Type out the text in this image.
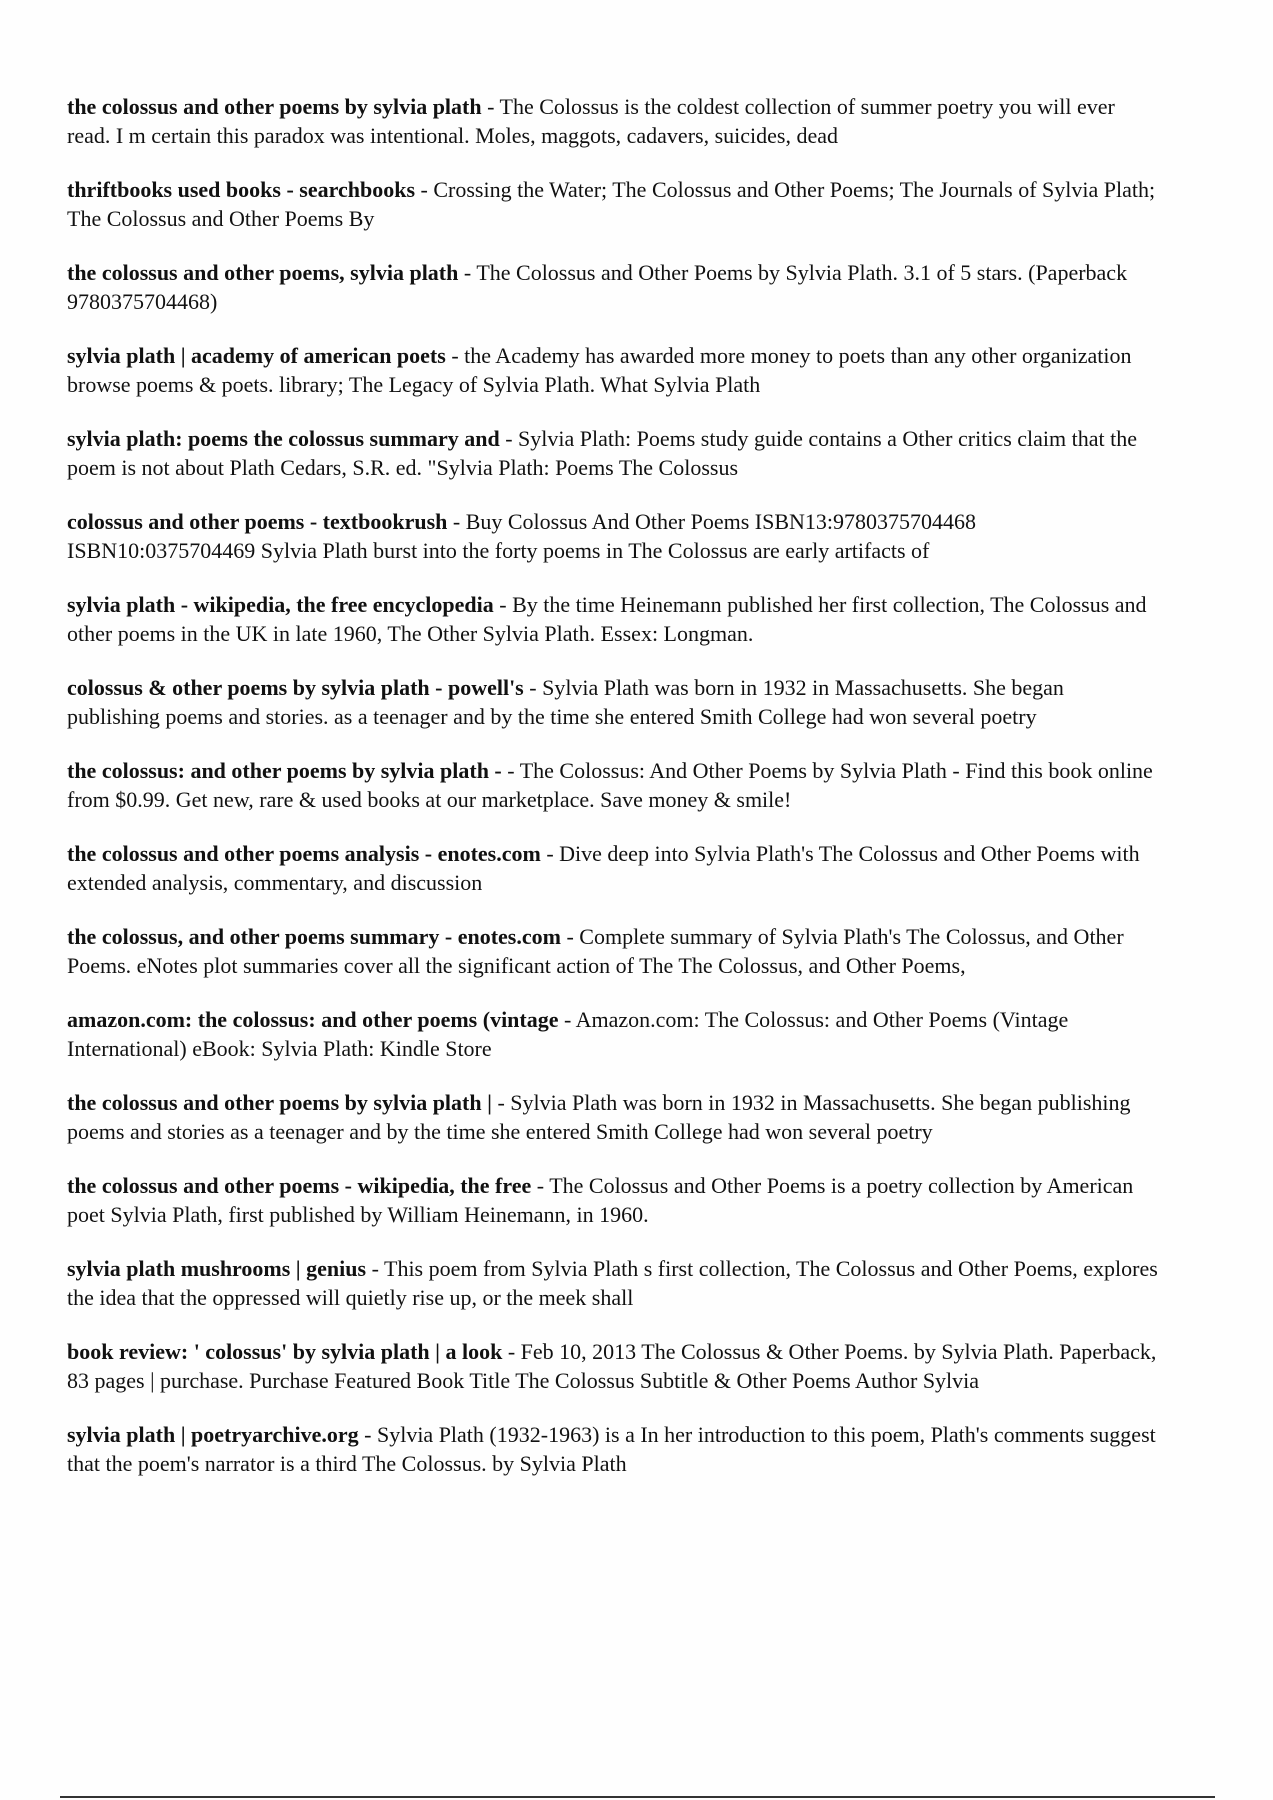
the colossus and other poems by sylvia plath - The Colossus is the coldest collection of summer poetry you will ever read. I m certain this paradox was intentional. Moles, maggots, cadavers, suicides, dead

thriftbooks used books - searchbooks - Crossing the Water; The Colossus and Other Poems; The Journals of Sylvia Plath; The Colossus and Other Poems By

the colossus and other poems, sylvia plath - The Colossus and Other Poems by Sylvia Plath. 3.1 of 5 stars. (Paperback 9780375704468)

sylvia plath | academy of american poets - the Academy has awarded more money to poets than any other organization browse poems & poets. library; The Legacy of Sylvia Plath. What Sylvia Plath

sylvia plath: poems the colossus summary and - Sylvia Plath: Poems study guide contains a Other critics claim that the poem is not about Plath Cedars, S.R. ed. "Sylvia Plath: Poems The Colossus

colossus and other poems - textbookrush - Buy Colossus And Other Poems ISBN13:9780375704468 ISBN10:0375704469 Sylvia Plath burst into the forty poems in The Colossus are early artifacts of

sylvia plath - wikipedia, the free encyclopedia - By the time Heinemann published her first collection, The Colossus and other poems in the UK in late 1960, The Other Sylvia Plath. Essex: Longman.

colossus & other poems by sylvia plath - powell's - Sylvia Plath was born in 1932 in Massachusetts. She began publishing poems and stories. as a teenager and by the time she entered Smith College had won several poetry

the colossus: and other poems by sylvia plath - - The Colossus: And Other Poems by Sylvia Plath - Find this book online from $0.99. Get new, rare & used books at our marketplace. Save money & smile!

the colossus and other poems analysis - enotes.com - Dive deep into Sylvia Plath's The Colossus and Other Poems with extended analysis, commentary, and discussion

the colossus, and other poems summary - enotes.com - Complete summary of Sylvia Plath's The Colossus, and Other Poems. eNotes plot summaries cover all the significant action of The The Colossus, and Other Poems,

amazon.com: the colossus: and other poems (vintage - Amazon.com: The Colossus: and Other Poems (Vintage International) eBook: Sylvia Plath: Kindle Store

the colossus and other poems by sylvia plath | - Sylvia Plath was born in 1932 in Massachusetts. She began publishing poems and stories as a teenager and by the time she entered Smith College had won several poetry

the colossus and other poems - wikipedia, the free - The Colossus and Other Poems is a poetry collection by American poet Sylvia Plath, first published by William Heinemann, in 1960.

sylvia plath mushrooms | genius - This poem from Sylvia Plath s first collection, The Colossus and Other Poems, explores the idea that the oppressed will quietly rise up, or the meek shall

book review: ' colossus' by sylvia plath | a look - Feb 10, 2013 The Colossus & Other Poems. by Sylvia Plath. Paperback, 83 pages | purchase. Purchase Featured Book Title The Colossus Subtitle & Other Poems Author Sylvia

sylvia plath | poetryarchive.org - Sylvia Plath (1932-1963) is a In her introduction to this poem, Plath's comments suggest that the poem's narrator is a third The Colossus. by Sylvia Plath
